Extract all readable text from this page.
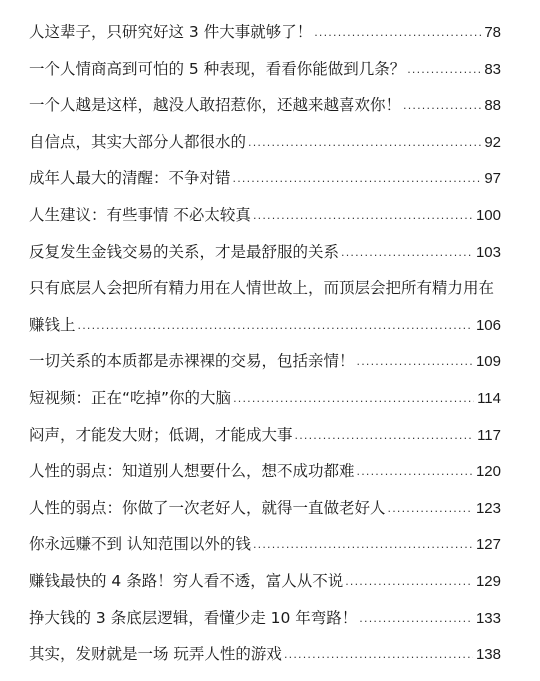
人这辈子，只研究好这 3 件大事就够了！ .....	78
一个人情商高到可怕的 5 种表现，看看你能做到几条？ .....	83
一个人越是这样，越没人敢招惹你，还越来越喜欢你！ .....	88
自信点，其实大部分人都很水的 .....	92
成年人最大的清醒：不争对错 .....	97
人生建议：有些事情 不必太较真 .....	100
反复发生金钱交易的关系，才是最舒服的关系 .....	103
只有底层人会把所有精力用在人情世故上，而顶层会把所有精力用在
赚钱上 .....	106
一切关系的本质都是赤裸裸的交易，包括亲情！ .....	109
短视频：正在“吃掉”你的大脑 .....	114
闷声，才能发大财；低调，才能成大事 .....	117
人性的弱点：知道别人想要什么，想不成功都难 .....	120
人性的弱点：你做了一次老好人，就得一直做老好人 .....	123
你永远赚不到 认知范围以外的钱 .....	127
赚钱最快的 4 条路！穷人看不透，富人从不说 .....	129
挣大钱的 3 条底层逻辑，看懂少走 10 年弯路！ .....	133
其实，发财就是一场 玩弄人性的游戏 .....	138
